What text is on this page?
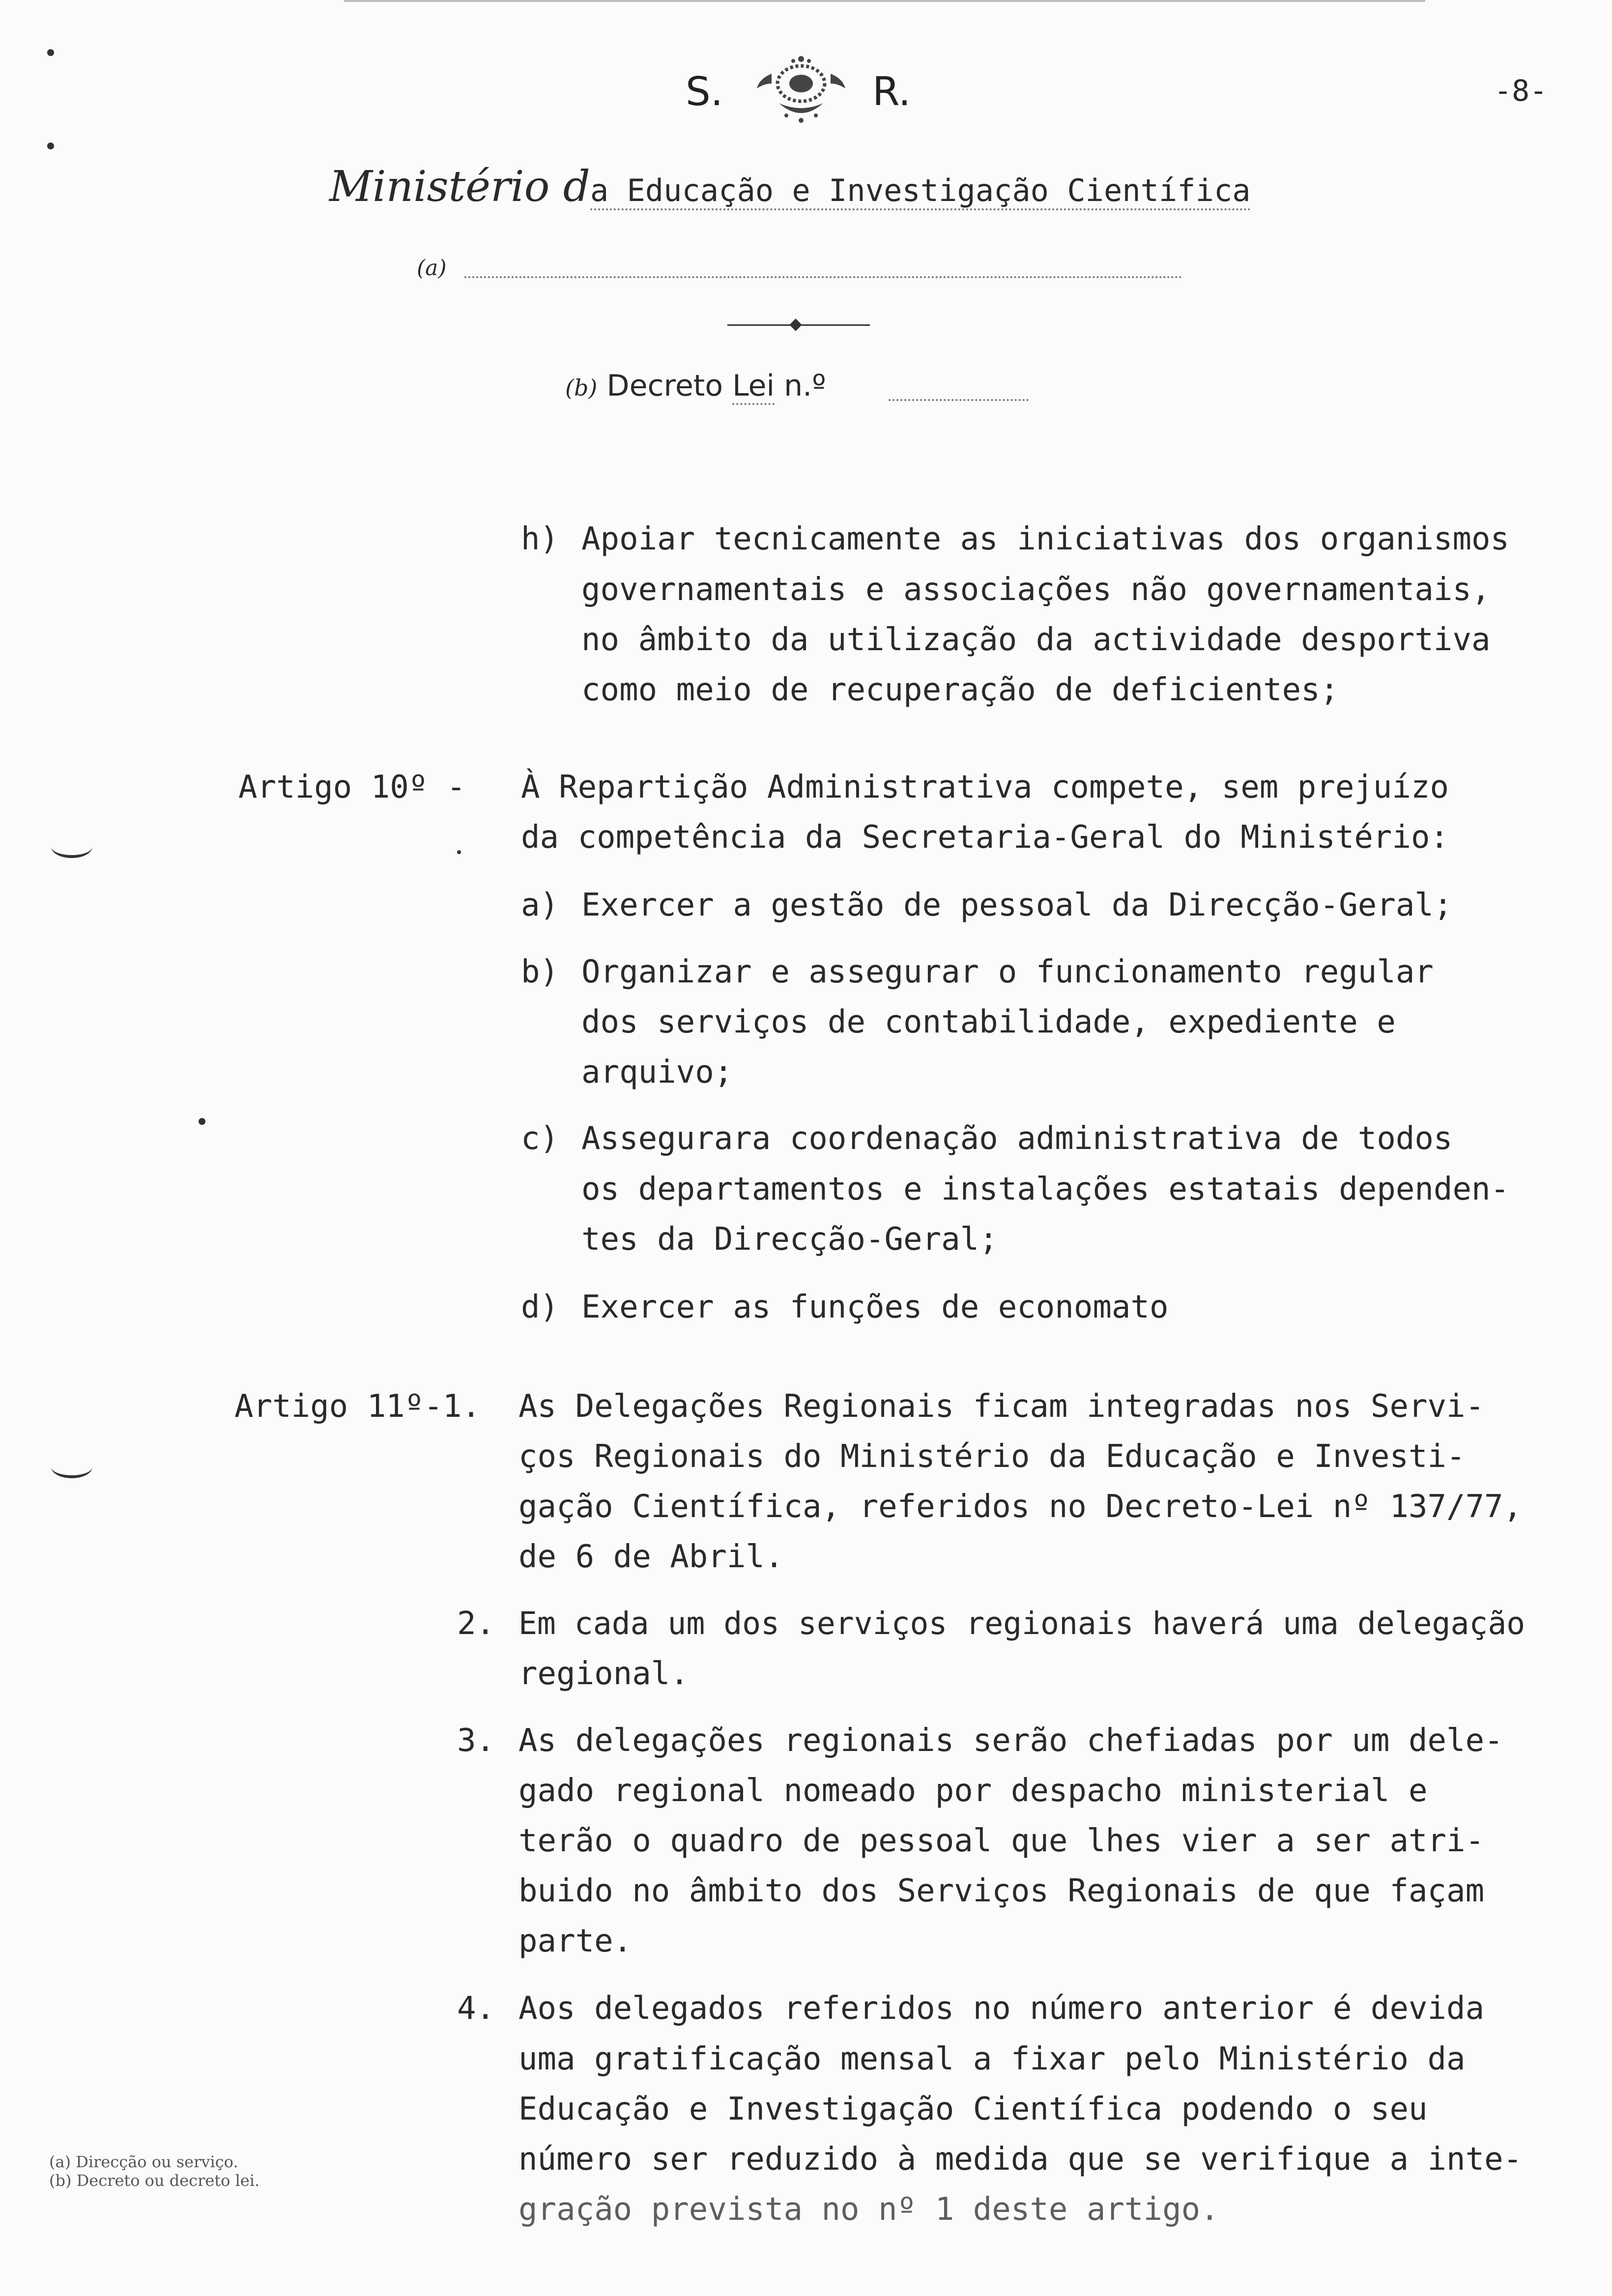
S.	R.	-8-
Ministério da Educação e Investigação Científica
(a)
(b) Decreto Lei n.º
h) Apoiar tecnicamente as iniciativas dos organismos
governamentais e associações não governamentais,
no âmbito da utilização da actividade desportiva
como meio de recuperação de deficientes;
Artigo 10º - À Repartição Administrativa compete, sem prejuízo
da competência da Secretaria-Geral do Ministério:
a) Exercer a gestão de pessoal da Direcção-Geral;
b) Organizar e assegurar o funcionamento regular
dos serviços de contabilidade, expediente e
arquivo;
c) Assegurara coordenação administrativa de todos
os departamentos e instalações estatais dependen-
tes da Direcção-Geral;
d) Exercer as funções de economato
Artigo 11º-1. As Delegações Regionais ficam integradas nos Servi-
ços Regionais do Ministério da Educação e Investi-
gação Científica, referidos no Decreto-Lei nº 137/77,
de 6 de Abril.
2. Em cada um dos serviços regionais haverá uma delegação
regional.
3. As delegações regionais serão chefiadas por um dele-
gado regional nomeado por despacho ministerial e
terão o quadro de pessoal que lhes vier a ser atri-
buido no âmbito dos Serviços Regionais de que façam
parte.
4. Aos delegados referidos no número anterior é devida
uma gratificação mensal a fixar pelo Ministério da
Educação e Investigação Científica podendo o seu
número ser reduzido à medida que se verifique a inte-
gração prevista no nº 1 deste artigo.
(a) Direcção ou serviço.
(b) Decreto ou decreto lei.
